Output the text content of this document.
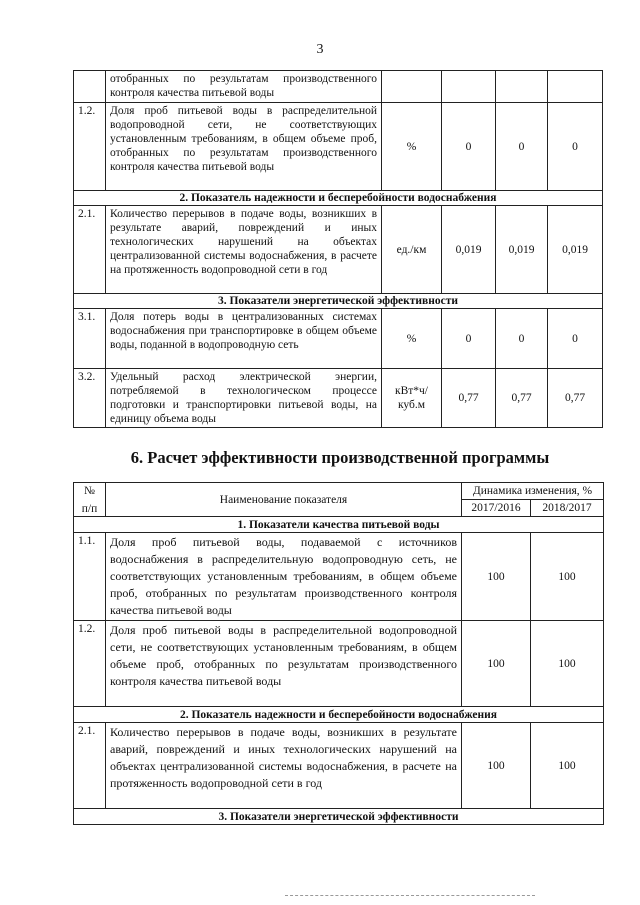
3
	отобранных по результатам производственного контроля качества питьевой воды				
1.2.	Доля проб питьевой воды в распределительной водопроводной сети, не соответствующих установленным требованиям, в общем объеме проб, отобранных по результатам производственного контроля качества питьевой воды	%	0	0	0
2. Показатель надежности и бесперебойности водоснабжения					
2.1.	Количество перерывов в подаче воды, возникших в результате аварий, повреждений и иных технологических нарушений на объектах централизованной системы водоснабжения, в расчете на протяженность водопроводной сети в год	ед./км	0,019	0,019	0,019
3. Показатели энергетической эффективности					
3.1.	Доля потерь воды в централизованных системах водоснабжения при транспортировке в общем объеме воды, поданной в водопроводную сеть	%	0	0	0
3.2.	Удельный расход электрической энергии, потребляемой в технологическом процессе подготовки и транспортировки питьевой воды, на единицу объема воды	кВт*ч/ куб.м	0,77	0,77	0,77
6. Расчет эффективности производственной программы
№
п/п	Наименование показателя	Динамика изменения, %	
		2017/2016	2018/2017
1. Показатели качества питьевой воды			
1.1.	Доля проб питьевой воды, подаваемой с источников водоснабжения в распределительную водопроводную сеть, не соответствующих установленным требованиям, в общем объеме проб, отобранных по результатам производственного контроля качества питьевой воды	100	100
1.2.	Доля проб питьевой воды в распределительной водопроводной сети, не соответствующих установленным требованиям, в общем объеме проб, отобранных по результатам производственного контроля качества питьевой воды	100	100
2. Показатель надежности и бесперебойности водоснабжения			
2.1.	Количество перерывов в подаче воды, возникших в результате аварий, повреждений и иных технологических нарушений на объектах централизованной системы водоснабжения, в расчете на протяженность водопроводной сети в год	100	100
3. Показатели энергетической эффективности			
